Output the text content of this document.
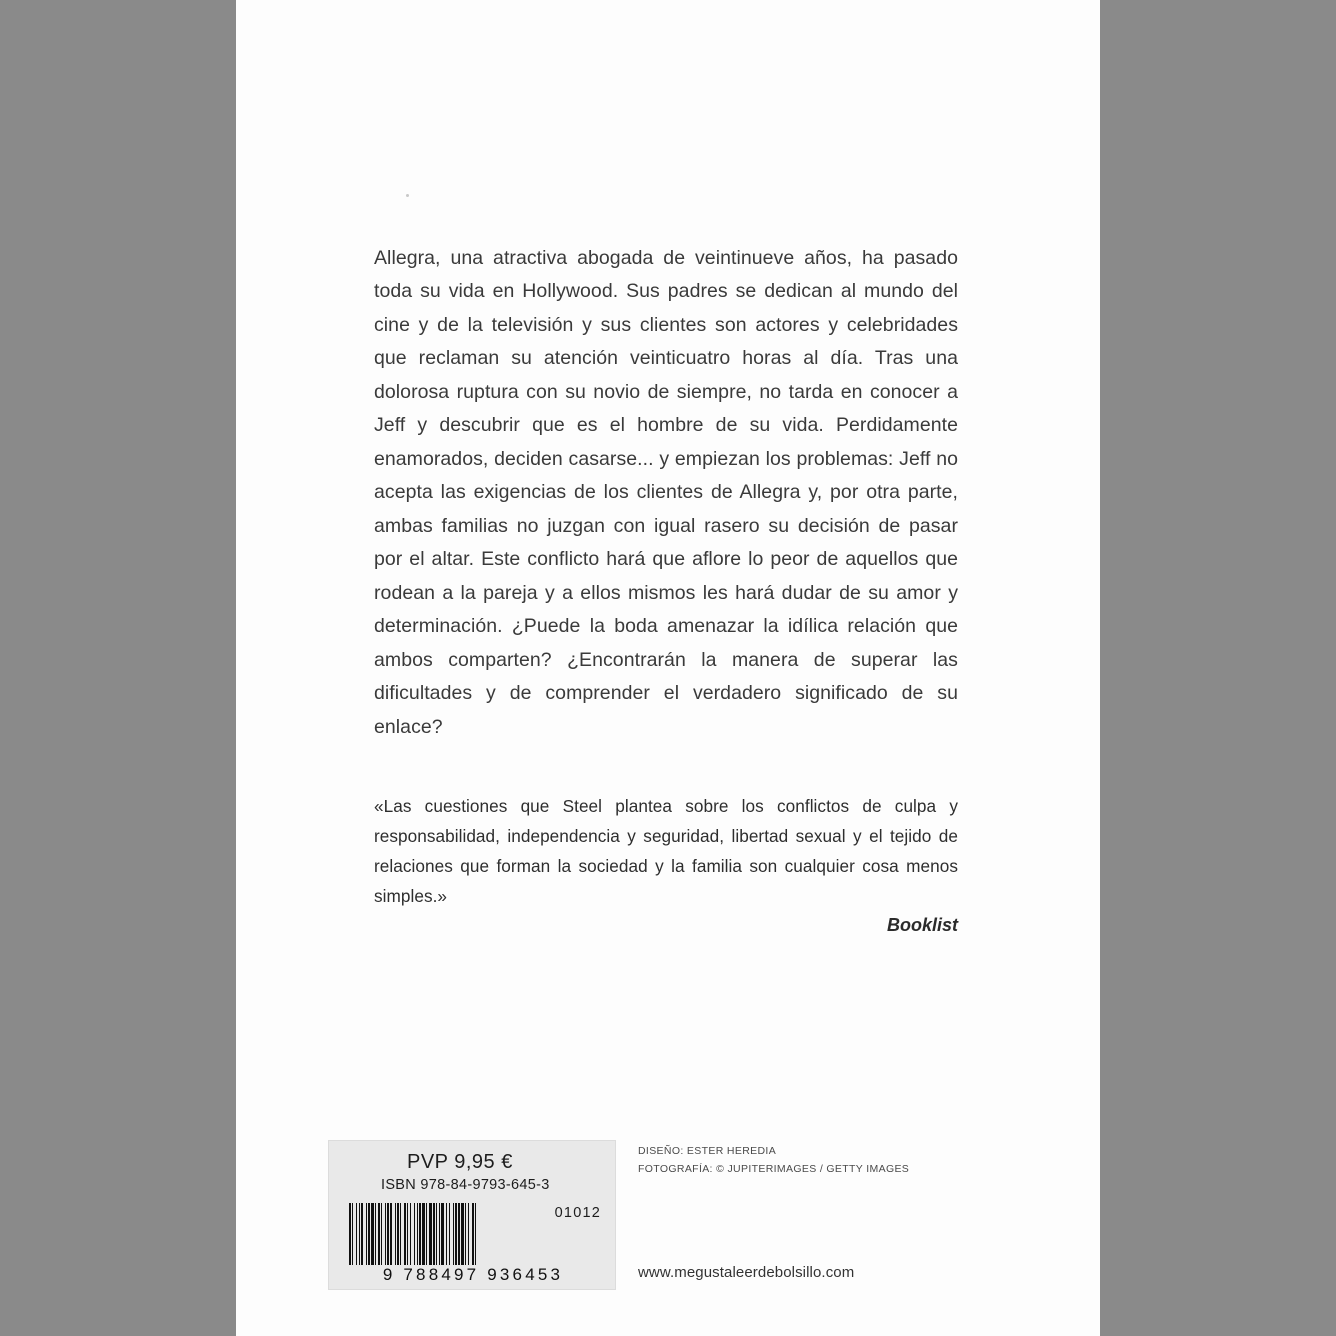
Allegra, una atractiva abogada de veintinueve años, ha pasado toda su vida en Hollywood. Sus padres se dedican al mundo del cine y de la televisión y sus clientes son actores y celebridades que reclaman su atención veinticuatro horas al día. Tras una dolorosa ruptura con su novio de siempre, no tarda en conocer a Jeff y descubrir que es el hombre de su vida. Perdidamente enamorados, deciden casarse... y empiezan los problemas: Jeff no acepta las exigencias de los clientes de Allegra y, por otra parte, ambas familias no juzgan con igual rasero su decisión de pasar por el altar. Este conflicto hará que aflore lo peor de aquellos que rodean a la pareja y a ellos mismos les hará dudar de su amor y determinación. ¿Puede la boda amenazar la idílica relación que ambos comparten? ¿Encontrarán la manera de superar las dificultades y de comprender el verdadero significado de su enlace?

«Las cuestiones que Steel plantea sobre los conflictos de culpa y responsabilidad, independencia y seguridad, libertad sexual y el tejido de relaciones que forman la sociedad y la familia son cualquier cosa menos simples.»

Booklist
DISEÑO: ESTER HEREDIA
FOTOGRAFÍA: © JUPITERIMAGES / GETTY IMAGES
www.megustaleerdebolsillo.com
PVP 9,95 €
ISBN 978-84-9793-645-3
01012
9 788497 936453
